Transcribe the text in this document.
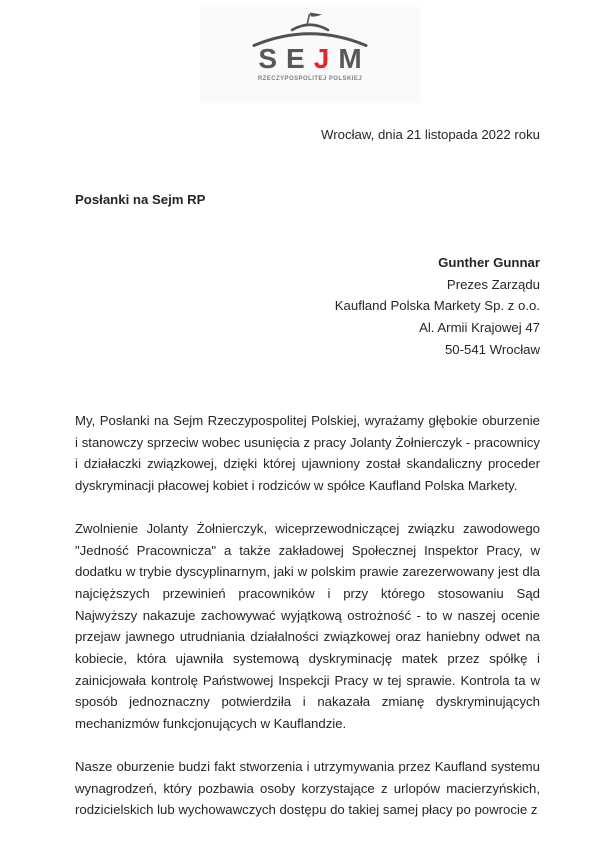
SEJM
RZECZYPOSPOLITEJ POLSKIEJ
Wrocław, dnia 21 listopada 2022 roku
Posłanki na Sejm RP
Gunther Gunnar
Prezes Zarządu
Kaufland Polska Markety Sp. z o.o.
Al. Armii Krajowej 47
50-541 Wrocław

My, Posłanki na Sejm Rzeczypospolitej Polskiej, wyrażamy głębokie oburzenie i stanowczy sprzeciw wobec usunięcia z pracy Jolanty Żołnierczyk - pracownicy i działaczki związkowej, dzięki której ujawniony został skandaliczny proceder dyskryminacji płacowej kobiet i rodziców w spółce Kaufland Polska Markety.

Zwolnienie Jolanty Żołnierczyk, wiceprzewodniczącej związku zawodowego "Jedność Pracownicza" a także zakładowej Społecznej Inspektor Pracy, w dodatku w trybie dyscyplinarnym, jaki w polskim prawie zarezerwowany jest dla najcięższych przewinień pracowników i przy którego stosowaniu Sąd Najwyższy nakazuje zachowywać wyjątkową ostrożność - to w naszej ocenie przejaw jawnego utrudniania działalności związkowej oraz haniebny odwet na kobiecie, która ujawniła systemową dyskryminację matek przez spółkę i zainicjowała kontrolę Państwowej Inspekcji Pracy w tej sprawie. Kontrola ta w sposób jednoznaczny potwierdziła i nakazała zmianę dyskryminujących mechanizmów funkcjonujących w Kauflandzie.

Nasze oburzenie budzi fakt stworzenia i utrzymywania przez Kaufland systemu wynagrodzeń, który pozbawia osoby korzystające z urlopów macierzyńskich, rodzicielskich lub wychowawczych dostępu do takiej samej płacy po powrocie z
